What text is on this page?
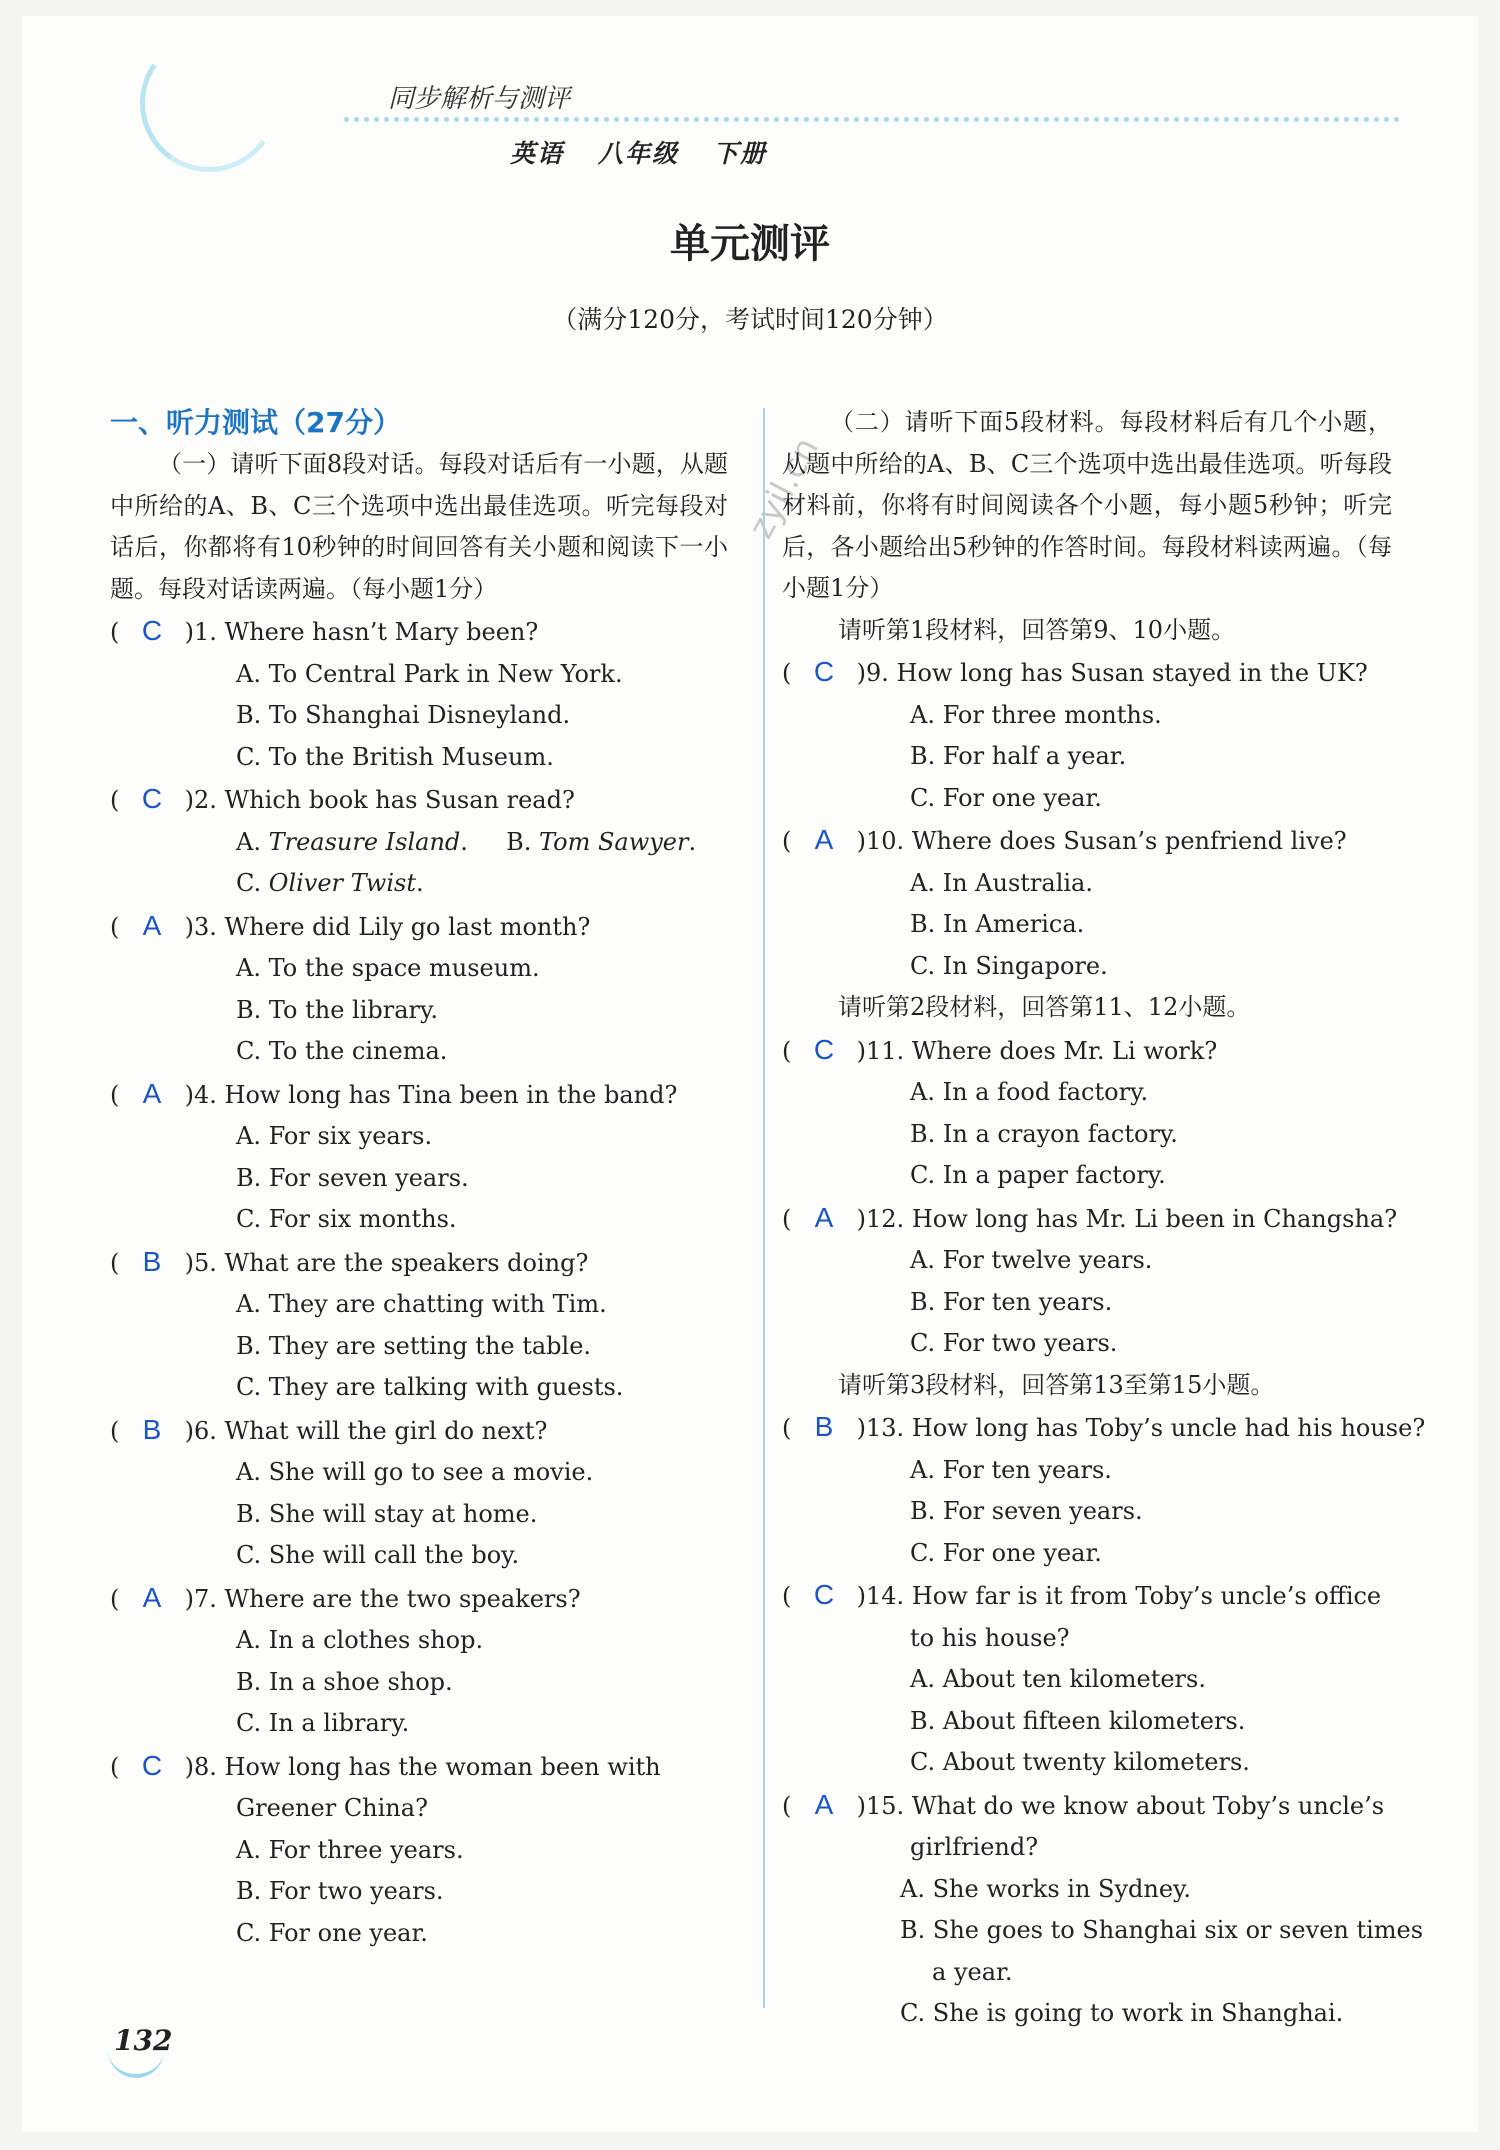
同步解析与测评
英语 八年级 下册
单元测评
（满分120分，考试时间120分钟）
zyjl.cn
一、听力测试（27分）
（一）请听下面8段对话。每段对话后有一小题，从题中所给的A、B、C三个选项中选出最佳选项。听完每段对话后，你都将有10秒钟的时间回答有关小题和阅读下一小题。每段对话读两遍。（每小题1分）
( C )1. Where hasn’t Mary been?
A. To Central Park in New York.
B. To Shanghai Disneyland.
C. To the British Museum.
( C )2. Which book has Susan read?
A. Treasure Island. B. Tom Sawyer.
C. Oliver Twist.
( A )3. Where did Lily go last month?
A. To the space museum.
B. To the library.
C. To the cinema.
( A )4. How long has Tina been in the band?
A. For six years.
B. For seven years.
C. For six months.
( B )5. What are the speakers doing?
A. They are chatting with Tim.
B. They are setting the table.
C. They are talking with guests.
( B )6. What will the girl do next?
A. She will go to see a movie.
B. She will stay at home.
C. She will call the boy.
( A )7. Where are the two speakers?
A. In a clothes shop.
B. In a shoe shop.
C. In a library.
( C )8. How long has the woman been with
Greener China?
A. For three years.
B. For two years.
C. For one year.
（二）请听下面5段材料。每段材料后有几个小题，从题中所给的A、B、C三个选项中选出最佳选项。听每段材料前，你将有时间阅读各个小题，每小题5秒钟；听完后，各小题给出5秒钟的作答时间。每段材料读两遍。（每小题1分）
请听第1段材料，回答第9、10小题。
( C )9. How long has Susan stayed in the UK?
A. For three months.
B. For half a year.
C. For one year.
( A )10. Where does Susan’s penfriend live?
A. In Australia.
B. In America.
C. In Singapore.
请听第2段材料，回答第11、12小题。
( C )11. Where does Mr. Li work?
A. In a food factory.
B. In a crayon factory.
C. In a paper factory.
( A )12. How long has Mr. Li been in Changsha?
A. For twelve years.
B. For ten years.
C. For two years.
请听第3段材料，回答第13至第15小题。
( B )13. How long has Toby’s uncle had his house?
A. For ten years.
B. For seven years.
C. For one year.
( C )14. How far is it from Toby’s uncle’s office
to his house?
A. About ten kilometers.
B. About fifteen kilometers.
C. About twenty kilometers.
( A )15. What do we know about Toby’s uncle’s
girlfriend?
A. She works in Sydney.
B. She goes to Shanghai six or seven times
a year.
C. She is going to work in Shanghai.
132
